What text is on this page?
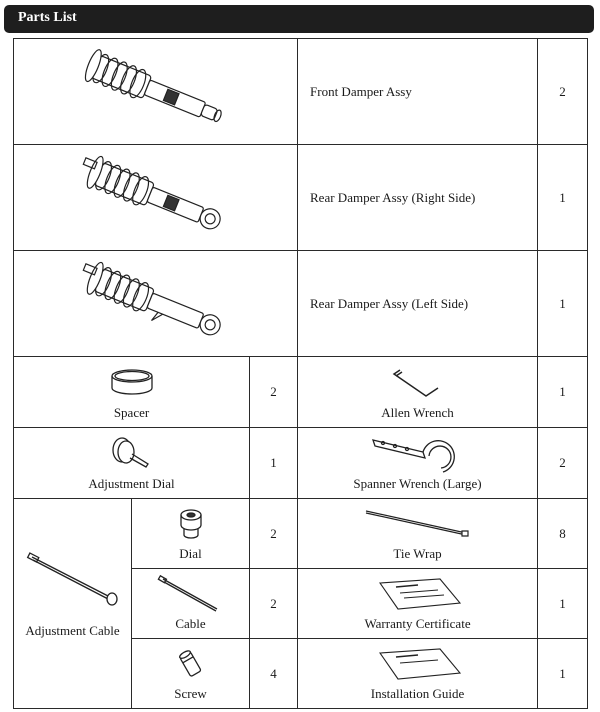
Parts List
	Front Damper Assy	2

	Rear Damper Assy (Right Side)	1

	Rear Damper Assy (Left Side)	1

Spacer		2	Allen Wrench	1

Adjustment Dial		1	Spanner Wrench (Large)	2

Adjustment Cable	Dial	2	Tie Wrap	8

	Cable	2	Warranty Certificate	1

	Screw	4	Installation Guide	1
